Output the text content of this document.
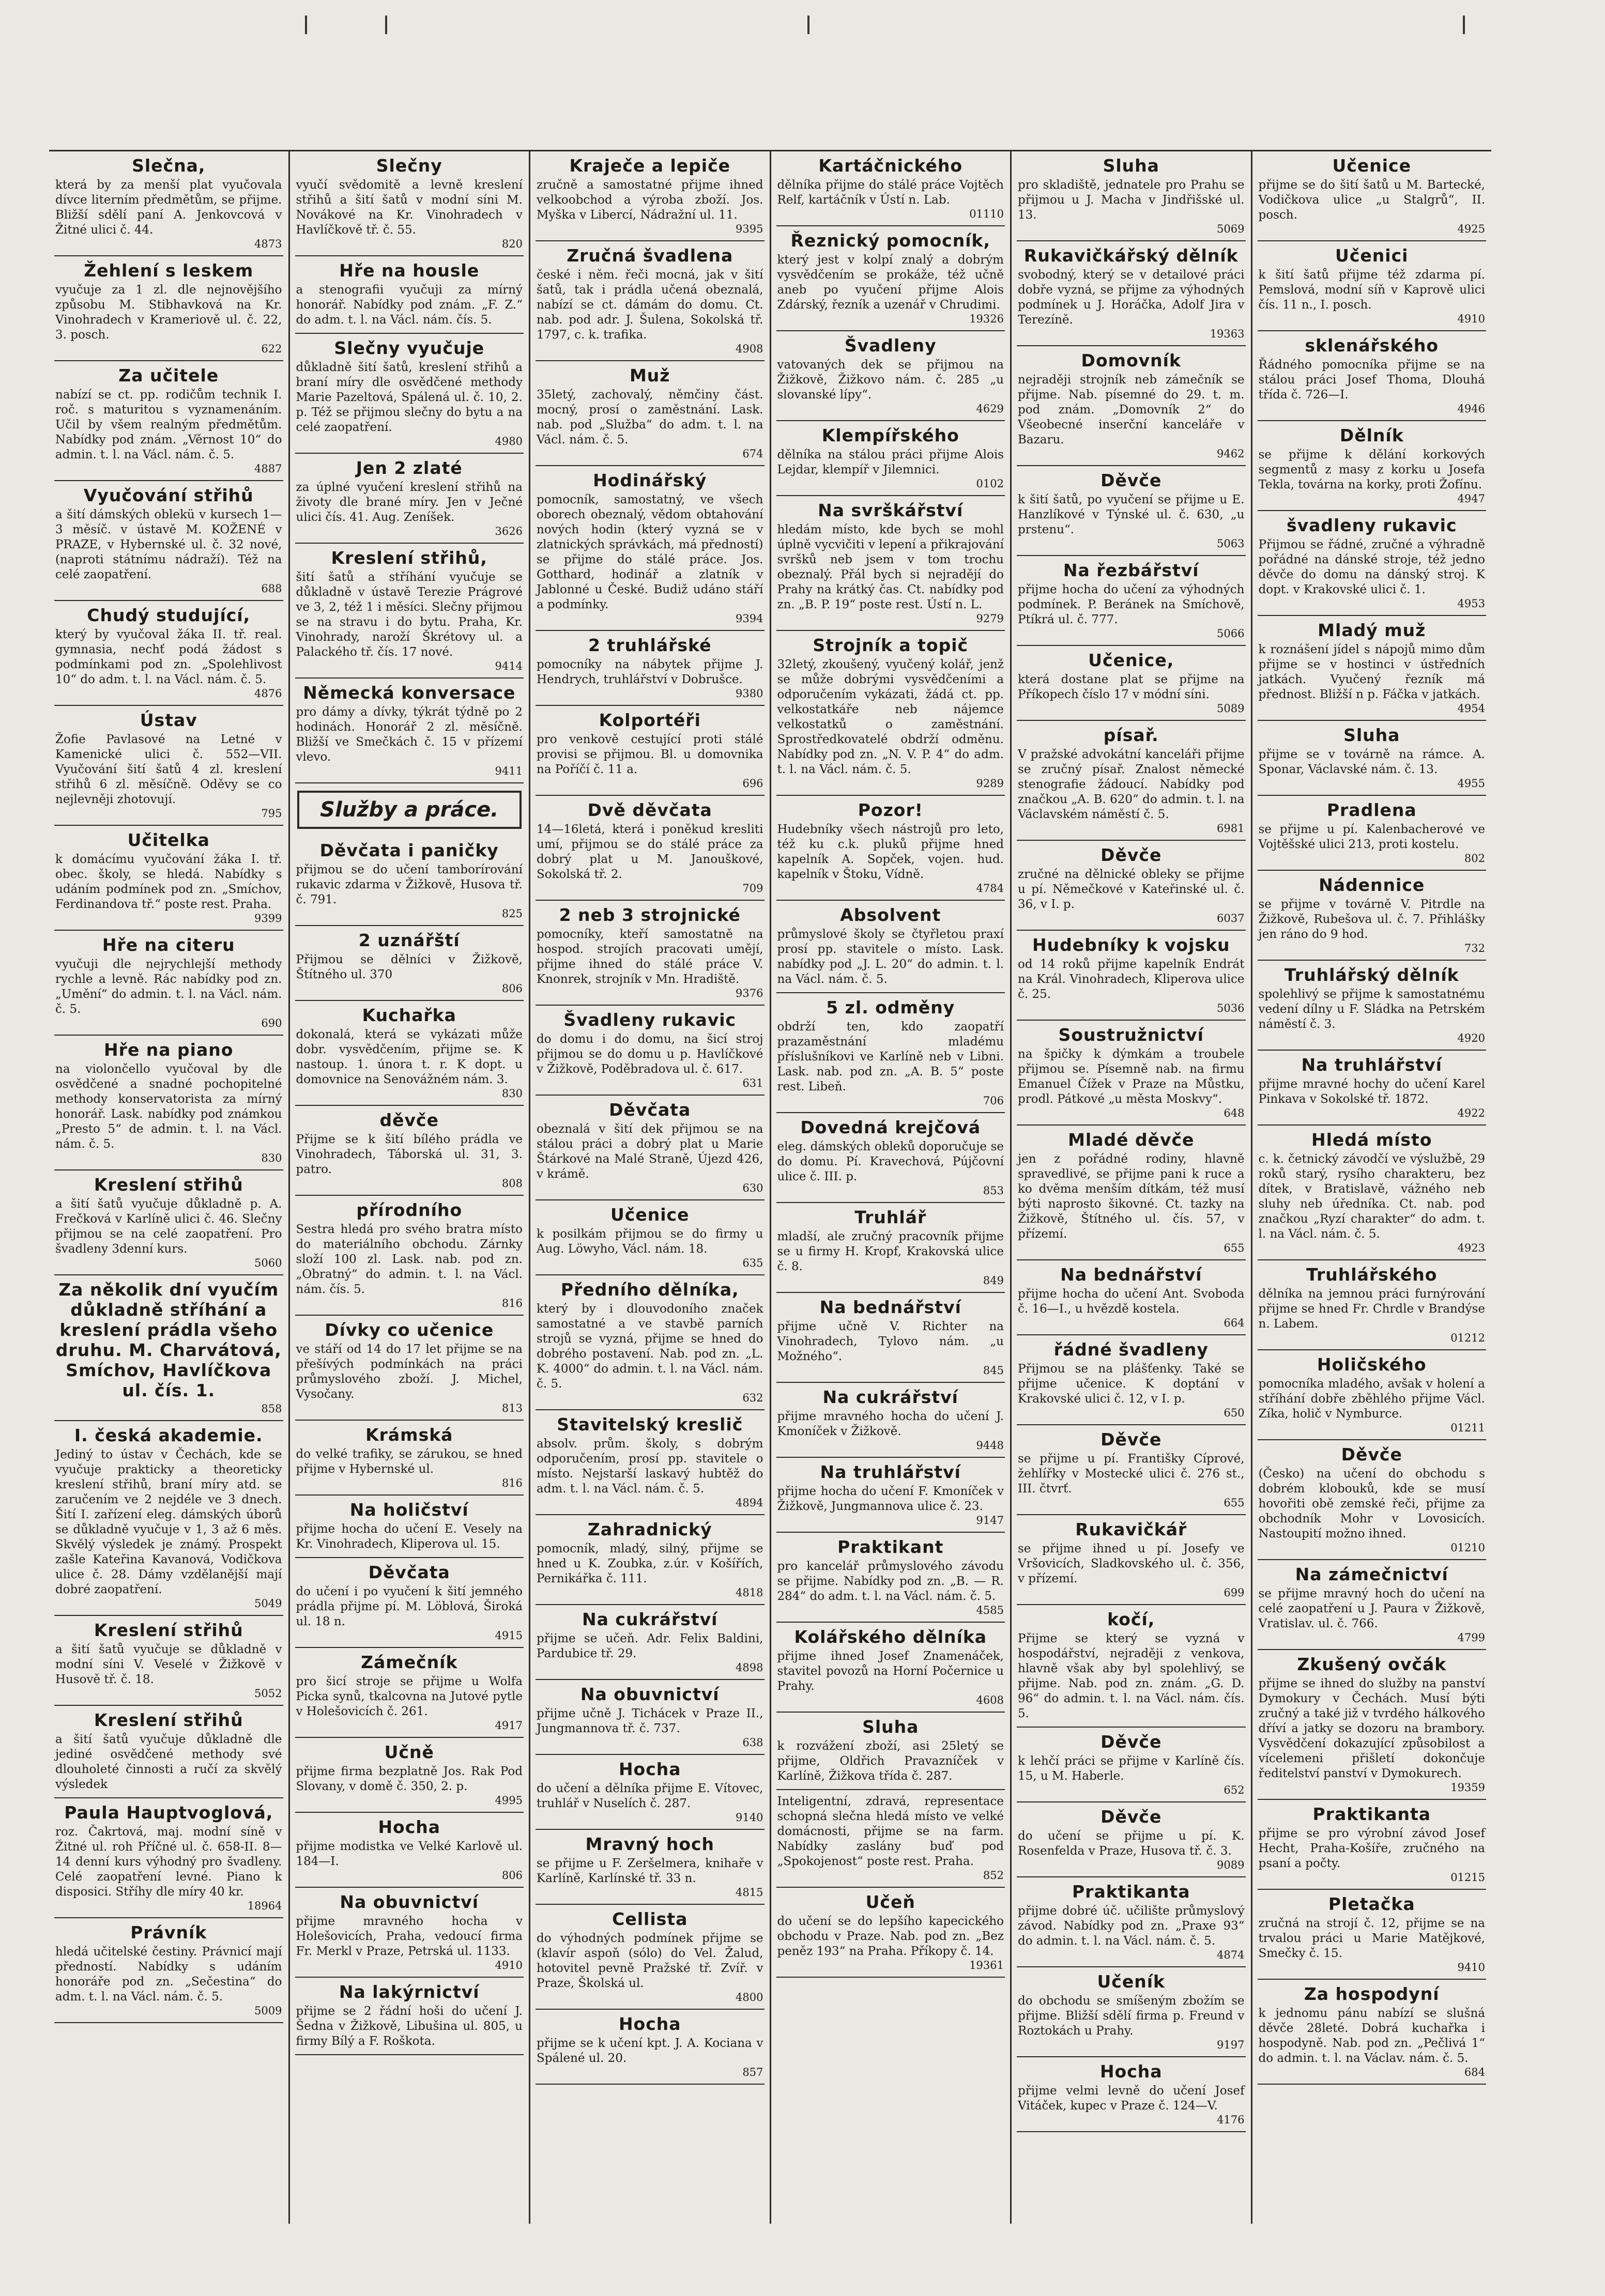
Slečna,

která by za menší plat vyučovala dívce literním předmětům, se přijme. Bližší sdělí paní A. Jenkovcová v Žitné ulici č. 44.

4873
Žehlení s leskem

vyučuje za 1 zl. dle nejnovějšího způsobu M. Stibhavková na Kr. Vinohradech v Krameriově ul. č. 22, 3. posch.

622
Za učitele

nabízí se ct. pp. rodičům technik I. roč. s maturitou s vyznamenáním. Učil by všem realným předmětům. Nabídky pod znám. „Věrnost 10“ do admin. t. l. na Václ. nám. č. 5.

4887
Vyučování střihů

a šití dámských oblekü v kursech 1—3 měsíč. v ústavě M. KOŽENÉ v PRAZE, v Hybernské ul. č. 32 nové, (naproti státnímu nádraží). Též na celé zaopatření.

688
Chudý studující,

který by vyučoval žáka II. tř. real. gymnasia, nechť podá žádost s podmínkami pod zn. „Spolehlivost 10“ do adm. t. l. na Václ. nám. č. 5.

4876
Ústav

Žofie Pavlasové na Letné v Kamenické ulici č. 552—VII. Vyučování šití šatů 4 zl. kreslení střihů 6 zl. měsíčně. Oděvy se co nejlevněji zhotovují.

795
Učitelka

k domácímu vyučování žáka I. tř. obec. školy, se hledá. Nabídky s udáním podmínek pod zn. „Smíchov, Ferdinandova tř.“ poste rest. Praha.

9399
Hře na citeru

vyučuji dle nejrychlejší methody rychle a levně. Rác nabídky pod zn. „Umění“ do admin. t. l. na Václ. nám. č. 5.

690
Hře na piano

na violončello vyučoval by dle osvědčené a snadné pochopitelné methody konservatorista za mírný honorář. Lask. nabídky pod známkou „Presto 5“ de admin. t. l. na Václ. nám. č. 5.

830
Kreslení střihů

a šití šatů vyučuje důkladně p. A. Frečková v Karlíně ulici č. 46. Slečny přijmou se na celé zaopatření. Pro švadleny 3denní kurs.

5060
Za několik dní vyučím důkladně stříhání a kreslení prádla všeho druhu. M. Charvátová, Smíchov, Havlíčkova ul. čís. 1.
858
I. česká akademie.

Jediný to ústav v Čechách, kde se vyučuje prakticky a theoreticky kreslení střihů, braní míry atd. se zaručením ve 2 nejdéle ve 3 dnech. Šití I. zařízení eleg. dámských úborů se důkladně vyučuje v 1, 3 až 6 měs. Skvělý výsledek je známý. Prospekt zašle Kateřina Kavanová, Vodičkova ulice č. 28. Dámy vzdělanější mají dobré zaopatření.

5049
Kreslení střihů

a šití šatů vyučuje se důkladně v modní síni V. Veselé v Žižkově v Husově tř. č. 18.

5052
Kreslení střihů

a šití šatů vyučuje důkladně dle jediné osvědčené methody své dlouholeté činnosti a ručí za skvělý výsledek

Paula Hauptvoglová,

roz. Čakrtová, maj. modní síně v Žitné ul. roh Příčné ul. č. 658-II. 8—14 denní kurs výhodný pro švadleny. Celé zaopatření levné. Piano k disposici. Stříhy dle míry 40 kr.

18964
Právník

hledá učitelské čestiny. Právnicí mají předností. Nabídky s udáním honoráře pod zn. „Sečestina“ do adm. t. l. na Václ. nám. č. 5.

5009
Slečny

vyučí svědomitě a levně kreslení střihů a šití šatů v modní síni M. Novákové na Kr. Vinohradech v Havlíčkově tř. č. 55.

820
Hře na housle

a stenografii vyučuji za mírný honorář. Nabídky pod znám. „F. Z.“ do adm. t. l. na Václ. nám. čís. 5.

Slečny vyučuje

důkladně šití šatů, kreslení střihů a braní míry dle osvědčené methody Marie Pazeltová, Spálená ul. č. 10, 2. p. Též se přijmou slečny do bytu a na celé zaopatření.

4980
Jen 2 zlaté

za úplné vyučení kreslení střihů na životy dle brané míry. Jen v Ječné ulici čís. 41. Aug. Zeníšek.

3626
Kreslení střihů,

šití šatů a stříhání vyučuje se důkladně v ústavě Terezie Prágrové ve 3, 2, též 1 i měsíci. Slečny přijmou se na stravu i do bytu. Praha, Kr. Vinohrady, naroží Škrétovy ul. a Palackého tř. čís. 17 nové.

9414
Německá konversace

pro dámy a dívky, týkrát týdně po 2 hodinách. Honorář 2 zl. měsíčně. Bližší ve Smečkách č. 15 v přízemí vlevo.

9411
Služby a práce.
Děvčata i paničky

přijmou se do učení tamborírování rukavic zdarma v Žižkově, Husova tř. č. 791.

825
2 uznářští

Přijmou se dělníci v Žižkově, Štítného ul. 370

806
Kuchařka

dokonalá, která se vykázati může dobr. vysvědčením, přijme se. K nastoup. 1. února t. r. K dopt. u domovnice na Senovážném nám. 3.

830
děvče

Přijme se k šití bílého prádla ve Vinohradech, Táborská ul. 31, 3. patro.

808
přírodního

Sestra hledá pro svého bratra místo do materiálního obchodu. Zárnky složí 100 zl. Lask. nab. pod zn. „Obratný“ do admin. t. l. na Václ. nám. čís. 5.

816
Dívky co učenice

ve stáří od 14 do 17 let přijme se na přešívých podmínkách na práci průmyslového zboží. J. Michel, Vysočany.

813
Krámská

do velké trafiky, se zárukou, se hned přijme v Hybernské ul.

816
Na holičství

přijme hocha do učení E. Vesely na Kr. Vinohradech, Kliperova ul. 15.

Děvčata

do učení i po vyučení k šití jemného prádla přijme pí. M. Löblová, Široká ul. 18 n.

4915
Zámečník

pro šicí stroje se přijme u Wolfa Picka synů, tkalcovna na Jutové pytle v Holešovicích č. 261.

4917
Učně

přijme firma bezplatně Jos. Rak Pod Slovany, v domě č. 350, 2. p.

4995
Hocha

přijme modistka ve Velké Karlově ul. 184—I.

806
Na obuvnictví

přijme mravného hocha v Holešovicích, Praha, vedoucí firma Fr. Merkl v Praze, Petrská ul. 1133.

4910
Na lakýrnictví

přijme se 2 řádní hoši do učení J. Šedna v Žižkově, Libušina ul. 805, u firmy Bílý a F. Roškota.

Kraječe a lepiče

zručně a samostatné přijme ihned velkoobchod a výroba zboží. Jos. Myška v Libercí, Nádražní ul. 11.

9395
Zručná švadlena

české i něm. řeči mocná, jak v šití šatů, tak i prádla učená obeznalá, nabízí se ct. dámám do domu. Ct. nab. pod adr. J. Šulena, Sokolská tř. 1797, c. k. trafika.

4908
Muž

35letý, zachovalý, němčiny část. mocný, prosí o zaměstnání. Lask. nab. pod „Služba“ do adm. t. l. na Václ. nám. č. 5.

674
Hodinářský

pomocník, samostatný, ve všech oborech obeznalý, vědom obtahování nových hodin (který vyzná se v zlatnických správkách, má předností) se přijme do stálé práce. Jos. Gotthard, hodinář a zlatník v Jablonné u České. Budiž udáno stáří a podmínky.

9394
2 truhlářské

pomocníky na nábytek přijme J. Hendrych, truhlářství v Dobrušce.

9380
Kolportéři

pro venkově cestující proti stálé provisi se přijmou. Bl. u domovnika na Poříčí č. 11 a.

696
Dvě děvčata

14—16letá, která i poněkud kresliti umí, přijmou se do stálé práce za dobrý plat u M. Janouškové, Sokolská tř. 2.

709
2 neb 3 strojnické

pomocníky, kteří samostatně na hospod. strojích pracovati umějí, přijme ihned do stálé práce V. Knonrek, strojník v Mn. Hradiště.

9376
Švadleny rukavic

do domu i do domu, na šicí stroj přijmou se do domu u p. Havlíčkové v Žižkově, Poděbradova ul. č. 617.

631
Děvčata

obeznalá v šití dek přijmou se na stálou práci a dobrý plat u Marie Štárkové na Malé Straně, Újezd 426, v krámě.

630
Učenice

k posilkám přijmou se do firmy u Aug. Löwyho, Václ. nám. 18.

635
Předního dělníka,

který by i dlouvodoního značek samostatné a ve stavbě parních strojů se vyzná, přijme se hned do dobrého postavení. Nab. pod zn. „L. K. 4000“ do admin. t. l. na Václ. nám. č. 5.

632
Stavitelský kreslič

absolv. prům. školy, s dobrým odporučením, prosí pp. stavitele o místo. Nejstarší laskavý hubtěž do adm. t. l. na Václ. nám. č. 5.

4894
Zahradnický

pomocník, mladý, silný, přijme se hned u K. Zoubka, z.úr. v Košířích, Pernikářka č. 111.

4818
Na cukrářství

přijme se učeň. Adr. Felix Baldini, Pardubice tř. 29.

4898
Na obuvnictví

přijme učně J. Tichácek v Praze II., Jungmannova tř. č. 737.

638
Hocha

do učení a dělníka přijme E. Vítovec, truhlář v Nuselích č. 287.

9140
Mravný hoch

se přijme u F. Zeršelmera, knihaře v Karlíně, Karlínské tř. 33 n.

4815
Cellista

do výhodných podmínek přijme se (klavír aspoň (sólo) do Vel. Žalud, hotovitel pevně Pražské tř. Zvíř. v Praze, Školská ul.

4800
Hocha

přijme se k učení kpt. J. A. Kociana v Spálené ul. 20.

857
Kartáčnického

dělníka přijme do stálé práce Vojtěch Relf, kartáčník v Ústí n. Lab.

01110
Řeznický pomocník,

který jest v kolpí znalý a dobrým vysvědčením se prokáže, též učně aneb po vyučení přijme Alois Zdárský, řezník a uzenář v Chrudimi.

19326
Švadleny

vatovaných dek se přijmou na Žižkově, Žižkovo nám. č. 285 „u slovanské lípy“.

4629
Klempířského

dělníka na stálou práci přijme Alois Lejdar, klempíř v Jilemnici.

0102
Na svrškářství

hledám místo, kde bych se mohl úplně vycvičiti v lepení a přikrajování svršků neb jsem v tom trochu obeznalý. Přál bych si nejradějí do Prahy na krátký čas. Ct. nabídky pod zn. „B. P. 19“ poste rest. Ústí n. L.

9279
Strojník a topič

32letý, zkoušený, vyučený kolář, jenž se může dobrými vysvědčeními a odporučením vykázati, žádá ct. pp. velkostatkáře neb nájemce velkostatků o zaměstnání. Sprostředkovatelé obdrží odměnu. Nabídky pod zn. „N. V. P. 4“ do adm. t. l. na Václ. nám. č. 5.

9289
Pozor!

Hudebníky všech nástrojů pro leto, též ku c.k. pluků přijme hned kapelník A. Sopček, vojen. hud. kapelník v Štoku, Vídně.

4784
Absolvent

průmyslové školy se čtyřletou praxí prosí pp. stavitele o místo. Lask. nabídky pod „J. L. 20“ do admin. t. l. na Václ. nám. č. 5.

5 zl. odměny

obdrží ten, kdo zaopatří prazaměstnání mladému příslušníkovi ve Karlíně neb v Libni. Lask. nab. pod zn. „A. B. 5“ poste rest. Libeň.

706
Dovedná krejčová

eleg. dámských obleků doporučuje se do domu. Pí. Kravechová, Pújčovní ulice č. III. p.

853
Truhlář

mladší, ale zručný pracovník přijme se u firmy H. Kropf, Krakovská ulice č. 8.

849
Na bednářství

přijme učně V. Richter na Vinohradech, Tylovo nám. „u Možného“.

845
Na cukrářství

přijme mravného hocha do učení J. Kmoníček v Žižkově.

9448
Na truhlářství

přijme hocha do učení F. Kmoníček v Žižkově, Jungmannova ulice č. 23.

9147
Praktikant

pro kancelář průmyslového závodu se přijme. Nabídky pod zn. „B. — R. 284“ do adm. t. l. na Václ. nám. č. 5.

4585
Kolářského dělníka

přijme ihned Josef Znamenáček, stavitel povozů na Horní Počernice u Prahy.

4608
Sluha

k rozvážení zboží, asi 25letý se přijme, Oldřich Pravazníček v Karlíně, Žižkova třída č. 287.

Inteligentní, zdravá, representace schopná slečna hledá místo ve velké domácnosti, přijme se na farm. Nabídky zaslány buď pod „Spokojenost“ poste rest. Praha.

852
Učeň

do učení se do lepšího kapecického obchodu v Praze. Nab. pod zn. „Bez peněz 193“ na Praha. Příkopy č. 14.

19361
Sluha

pro skladiště, jednatele pro Prahu se přijmou u J. Macha v Jindřišské ul. 13.

5069
Rukavičkářský dělník

svobodný, který se v detailové práci dobře vyzná, se přijme za výhodných podmínek u J. Horáčka, Adolf Jira v Terezíně.

19363
Domovník

nejraději strojník neb zámečník se přijme. Nab. písemné do 29. t. m. pod znám. „Domovník 2“ do Všeobecné inserční kanceláře v Bazaru.

9462
Děvče

k šití šatů, po vyučení se přijme u E. Hanzlíkové v Týnské ul. č. 630, „u prstenu“.

5063
Na řezbářství

přijme hocha do učení za výhodných podmínek. P. Beránek na Smíchově, Ptíkrá ul. č. 777.

5066
Učenice,

která dostane plat se přijme na Příkopech číslo 17 v módní síni.

5089
písař.

V pražské advokátní kanceláři přijme se zručný písař. Znalost německé stenografie žádoucí. Nabídky pod značkou „A. B. 620“ do admin. t. l. na Václavském náměstí č. 5.

6981
Děvče

zručné na dělnické obleky se přijme u pí. Němečkové v Kateřinské ul. č. 36, v I. p.

6037
Hudebníky k vojsku

od 14 roků přijme kapelník Endrát na Král. Vinohradech, Kliperova ulice č. 25.

5036
Soustružnictví

na špičky k dýmkám a troubele přijmou se. Písemně nab. na firmu Emanuel Čížek v Praze na Můstku, prodl. Pátkové „u města Moskvy“.

648
Mladé děvče

jen z pořádné rodiny, hlavně spravedlivé, se přijme pani k ruce a ko dvěma menším dítkám, též musí býti naprosto šikovné. Ct. tazky na Žižkově, Štítného ul. čís. 57, v přízemí.

655
Na bednářství

přijme hocha do učení Ant. Svoboda č. 16—I., u hvězdě kostela.

664
řádné švadleny

Přijmou se na plášťenky. Také se přijme učenice. K doptání v Krakovské ulici č. 12, v I. p.

650
Děvče

se přijme u pí. Františky Cíprové, žehlířky v Mostecké ulici č. 276 st., III. čtvrť.

655
Rukavičkář

se přijme ihned u pí. Josefy ve Vršovicích, Sladkovského ul. č. 356, v přízemí.

699
kočí,

Přijme se který se vyzná v hospodářství, nejraději z venkova, hlavně však aby byl spolehlivý, se přijme. Nab. pod zn. znám. „G. D. 96“ do admin. t. l. na Václ. nám. čís. 5.

Děvče

k lehčí práci se přijme v Karlíně čís. 15, u M. Haberle.

652
Děvče

do učení se přijme u pí. K. Rosenfelda v Praze, Husova tř. č. 3.

9089
Praktikanta

přijme dobré úč. učilište průmyslový závod. Nabídky pod zn. „Praxe 93“ do admin. t. l. na Václ. nám. č. 5.

4874
Učeník

do obchodu se smíšeným zbožím se přijme. Bližší sdělí firma p. Freund v Roztokách u Prahy.

9197
Hocha

přijme velmi levně do učení Josef Vitáček, kupec v Praze č. 124—V.

4176
Učenice

přijme se do šití šatů u M. Bartecké, Vodičkova ulice „u Stalgrů“, II. posch.

4925
Učenici

k šití šatů přijme též zdarma pí. Pemslová, modní síň v Kaprově ulici čís. 11 n., I. posch.

4910
sklenářského

Řádného pomocníka přijme se na stálou práci Josef Thoma, Dlouhá třída č. 726—I.

4946
Dělník

se přijme k dělání korkových segmentů z masy z korku u Josefa Tekla, továrna na korky, proti Žofínu.

4947
švadleny rukavic

Přijmou se řádné, zručné a výhradně pořádné na dánské stroje, též jedno děvče do domu na dánský stroj. K dopt. v Krakovské ulici č. 1.

4953
Mladý muž

k roznášení jídel s nápojů mimo dům přijme se v hostinci v ústředních jatkách. Vyučený řezník má přednost. Bližší n p. Fáčka v jatkách.

4954
Sluha

přijme se v továrně na rámce. A. Sponar, Václavské nám. č. 13.

4955
Pradlena

se přijme u pí. Kalenbacherové ve Vojtěšské ulici 213, proti kostelu.

802
Nádennice

se přijme v továrně V. Pitrdle na Žižkově, Rubešova ul. č. 7. Přihlášky jen ráno do 9 hod.

732
Truhlářský dělník

spolehlivý se přijme k samostatnému vedení dílny u F. Sládka na Petrském náměstí č. 3.

4920
Na truhlářství

přijme mravné hochy do učení Karel Pinkava v Sokolské tř. 1872.

4922
Hledá místo

c. k. četnický závodčí ve výslužbě, 29 roků starý, rysího charakteru, bez dítek, v Bratislavě, vážného neb sluhy neb úředníka. Ct. nab. pod značkou „Ryzí charakter“ do adm. t. l. na Václ. nám. č. 5.

4923
Truhlářského

dělníka na jemnou práci furnýrování přijme se hned Fr. Chrdle v Brandýse n. Labem.

01212
Holičského

pomocníka mladého, avšak v holení a stříhání dobře zběhlého přijme Václ. Zíka, holič v Nymburce.

01211
Děvče

(Česko) na učení do obchodu s dobrém klobouků, kde se musí hovořiti obě zemské řeči, přijme za obchodník Mohr v Lovosicích. Nastoupití možno ihned.

01210
Na zámečnictví

se přijme mravný hoch do učení na celé zaopatření u J. Paura v Žižkově, Vratislav. ul. č. 766.

4799
Zkušený ovčák

přijme se ihned do služby na panství Dymokury v Čechách. Musí býti zručný a také již v tvrdého hálkového dříví a jatky se dozoru na brambory. Vysvědčení dokazující způsobilost a vícelemeni přišletí dokončuje ředitelství panství v Dymokurech.

19359
Praktikanta

přijme se pro výrobní závod Josef Hecht, Praha-Košíře, zručného na psaní a počty.

01215
Pletačka

zručná na strojí č. 12, přijme se na trvalou práci u Marie Matějkové, Smečky č. 15.

9410
Za hospodyní

k jednomu pánu nabízí se slušná děvče 28leté. Dobrá kuchařka i hospodyně. Nab. pod zn. „Pečlivá 1“ do admin. t. l. na Václav. nám. č. 5.

684
